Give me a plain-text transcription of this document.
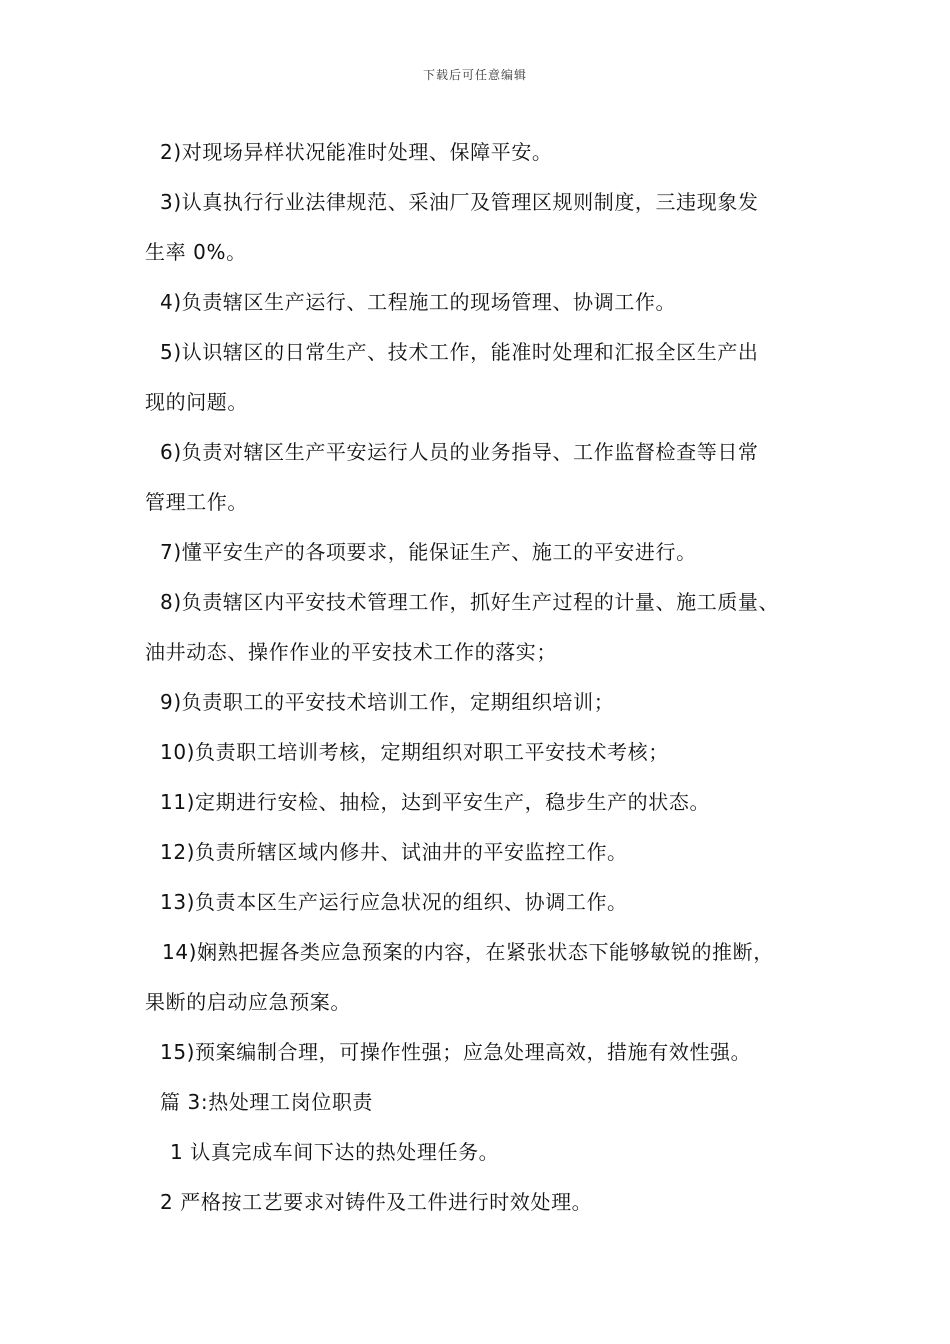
下载后可任意编辑
2)对现场异样状况能准时处理、保障平安。
3)认真执行行业法律规范、采油厂及管理区规则制度，三违现象发
生率 0%。
4)负责辖区生产运行、工程施工的现场管理、协调工作。
5)认识辖区的日常生产、技术工作，能准时处理和汇报全区生产出
现的问题。
6)负责对辖区生产平安运行人员的业务指导、工作监督检查等日常
管理工作。
7)懂平安生产的各项要求，能保证生产、施工的平安进行。
8)负责辖区内平安技术管理工作，抓好生产过程的计量、施工质量、
油井动态、操作作业的平安技术工作的落实；
9)负责职工的平安技术培训工作，定期组织培训；
10)负责职工培训考核，定期组织对职工平安技术考核；
11)定期进行安检、抽检，达到平安生产，稳步生产的状态。
12)负责所辖区域内修井、试油井的平安监控工作。
13)负责本区生产运行应急状况的组织、协调工作。
14)娴熟把握各类应急预案的内容，在紧张状态下能够敏锐的推断，
果断的启动应急预案。
15)预案编制合理，可操作性强；应急处理高效，措施有效性强。
篇 3:热处理工岗位职责
1 认真完成车间下达的热处理任务。
2 严格按工艺要求对铸件及工件进行时效处理。
